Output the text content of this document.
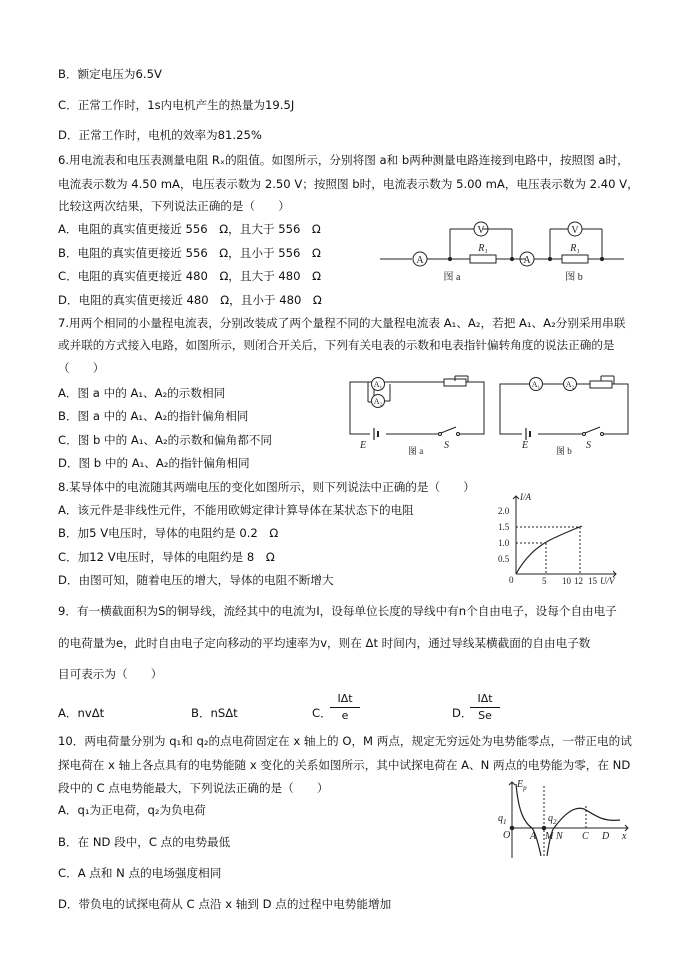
B．额定电压为6.5V
C．正常工作时，1s内电机产生的热量为19.5J
D．正常工作时，电机的效率为81.25%
6.用电流表和电压表测量电阻 Rₓ的阻值。如图所示，分别将图 a和 b两种测量电路连接到电路中，按照图 a时，
电流表示数为 4.50 mA，电压表示数为 2.50 V；按照图 b时，电流表示数为 5.00 mA，电压表示数为 2.40 V，
比较这两次结果，下列说法正确的是（　　）
A．电阻的真实值更接近 556　Ω，且大于 556　Ω
B．电阻的真实值更接近 556　Ω，且小于 556　Ω
C．电阻的真实值更接近 480　Ω，且大于 480　Ω
D．电阻的真实值更接近 480　Ω，且小于 480　Ω
7.用两个相同的小量程电流表，分别改装成了两个量程不同的大量程电流表 A₁、A₂，若把 A₁、A₂分别采用串联
或并联的方式接入电路，如图所示，则闭合开关后，下列有关电表的示数和电表指针偏转角度的说法正确的是
（　　）
A．图 a 中的 A₁、A₂的示数相同
B．图 a 中的 A₁、A₂的指针偏角相同
C．图 b 中的 A₁、A₂的示数和偏角都不同
D．图 b 中的 A₁、A₂的指针偏角相同
8.某导体中的电流随其两端电压的变化如图所示，则下列说法中正确的是（　　）
A．该元件是非线性元件，不能用欧姆定律计算导体在某状态下的电阻
B．加5 V电压时，导体的电阻约是 0.2　Ω
C．加12 V电压时，导体的电阻约是 8　Ω
D．由图可知，随着电压的增大，导体的电阻不断增大
9．有一横截面积为S的铜导线，流经其中的电流为I，设每单位长度的导线中有n个自由电子，设每个自由电子
的电荷量为e，此时自由电子定向移动的平均速率为v，则在 Δt 时间内，通过导线某横截面的自由电子数
目可表示为（　　）
A．nvΔt	B．nSΔt	C．
IΔt
e	D．
IΔt
Se
10．两电荷量分别为 q₁和 q₂的点电荷固定在 x 轴上的 O，M 两点，规定无穷远处为电势能零点，一带正电的试
探电荷在 x 轴上各点具有的电势能随 x 变化的关系如图所示，其中试探电荷在 A、N 两点的电势能为零，在 ND
段中的 C 点电势能最大，下列说法正确的是（　　）
A．q₁为正电荷，q₂为负电荷
B．在 ND 段中，C 点的电势最低
C．A 点和 N 点的电场强度相同
D．带负电的试探电荷从 C 点沿 x 轴到 D 点的过程中电势能增加
A
V
R₁
图 a
A
V
R₁
图 b
A₁
A₂
E	S
图 a
A₁	A₂
E	S
图 b
I/A
U/V
0
0.5
1.0
1.5
2.0
5 10 12 15
$E_p$
x
$q_1$
O
$q_2$
A M N C D
